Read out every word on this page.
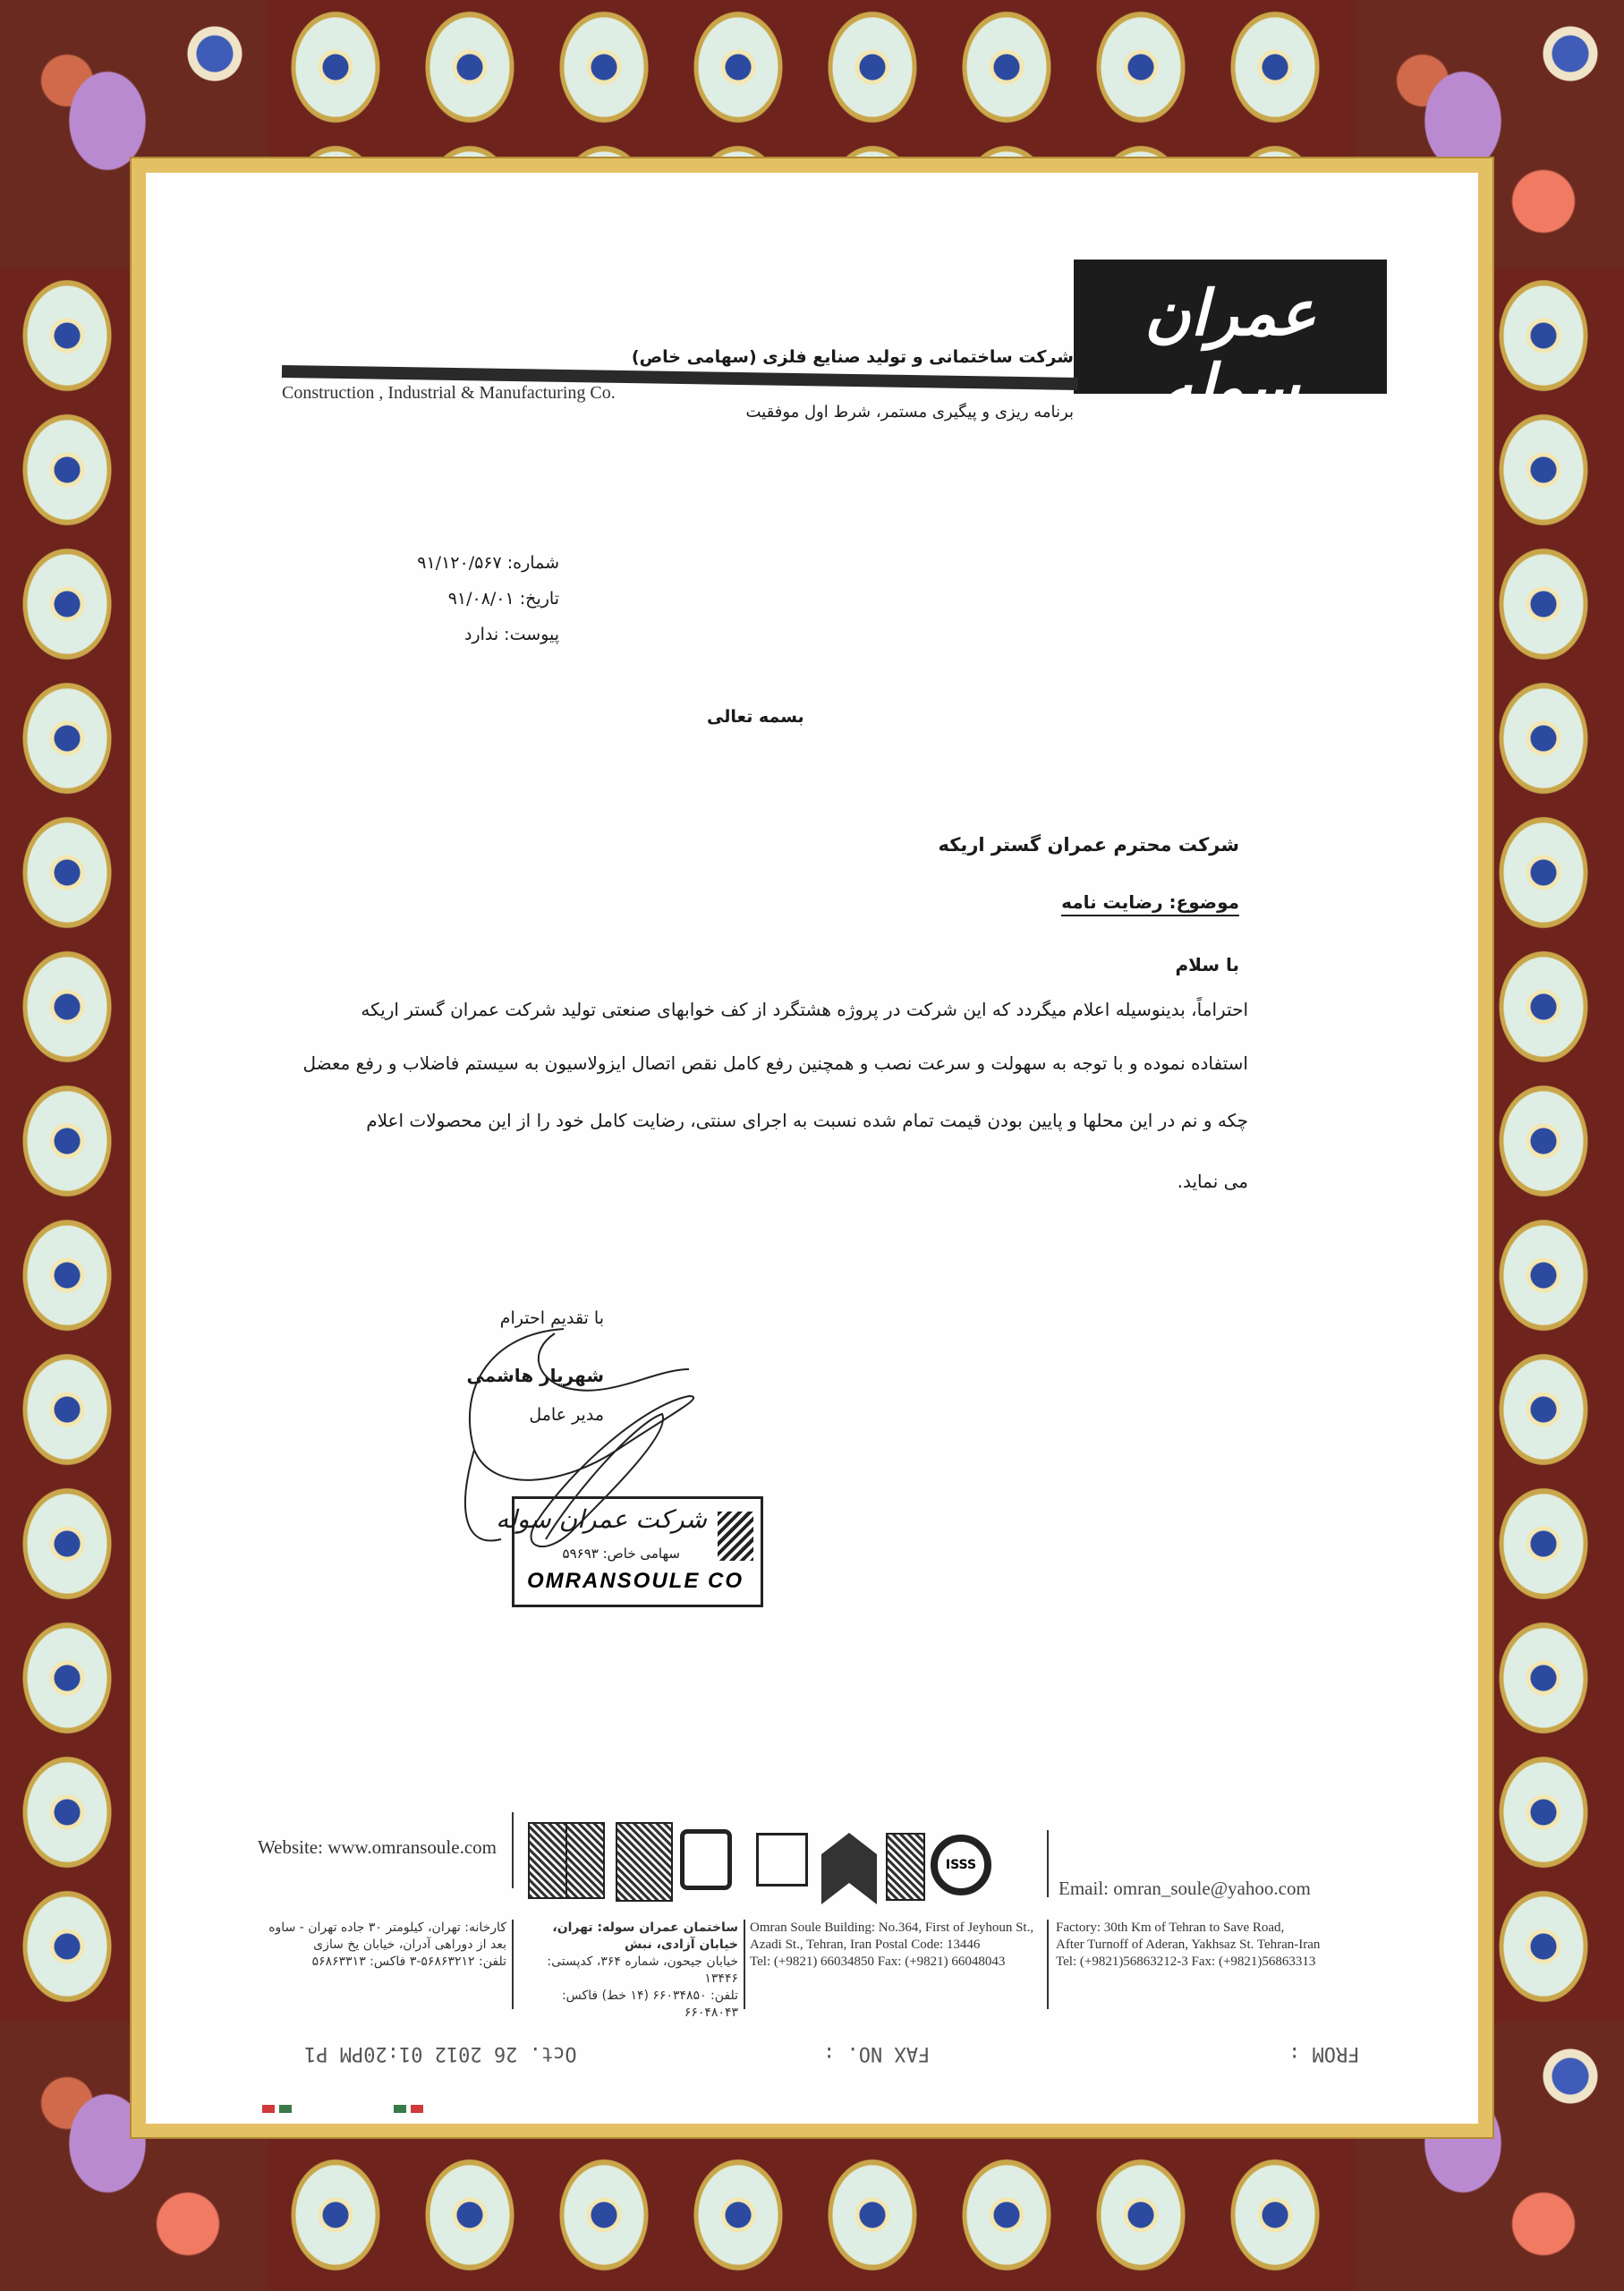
عمران سوله
شرکت ساختمانی و تولید صنایع فلزی (سهامی خاص)
Construction , Industrial & Manufacturing Co.
برنامه ریزی و پیگیری مستمر، شرط اول موفقیت
شماره: ۹۱/۱۲۰/۵۶۷
تاریخ: ۹۱/۰۸/۰۱
پیوست: ندارد
بسمه تعالی
شرکت محترم عمران گستر اریکه
موضوع: رضایت نامه
با سلام
احتراماً، بدینوسیله اعلام میگردد که این شرکت در پروژه هشتگرد از کف خوابهای صنعتی تولید شرکت عمران گستر اریکه
استفاده نموده و با توجه به سهولت و سرعت نصب و همچنین رفع کامل نقص اتصال ایزولاسیون به سیستم فاضلاب و رفع معضل
چکه و نم در این محلها و پایین بودن قیمت تمام شده نسبت به اجرای سنتی، رضایت کامل خود را از این محصولات اعلام
می نماید.
با تقدیم احترام
شهریار هاشمی
مدیر عامل
شرکت عمران سوله
سهامی خاص: ۵۹۶۹۳
OMRANSOULE CO
Website: www.omransoule.com
ISSS
Email: omran_soule@yahoo.com
کارخانه: تهران، کیلومتر ۳۰ جاده تهران - ساوه
بعد از دوراهی آدران، خیابان یخ سازی
تلفن: ۵۶۸۶۳۲۱۲-۳ فاکس: ۵۶۸۶۳۳۱۳
ساختمان عمران سوله: تهران، خیابان آزادی، نبش
خیابان جیحون، شماره ۳۶۴، کدپستی: ۱۳۴۴۶
تلفن: ۶۶۰۳۴۸۵۰ (۱۴ خط) فاکس: ۶۶۰۴۸۰۴۳
Omran Soule Building: No.364, First of Jeyhoun St.,
Azadi St., Tehran, Iran Postal Code: 13446
Tel: (+9821) 66034850 Fax: (+9821) 66048043
Factory: 30th Km of Tehran to Save Road,
After Turnoff of Aderan, Yakhsaz St. Tehran-Iran
Tel: (+9821)56863212-3 Fax: (+9821)56863313
Oct. 26 2012 01:20PM P1	FAX NO. :	FROM :
